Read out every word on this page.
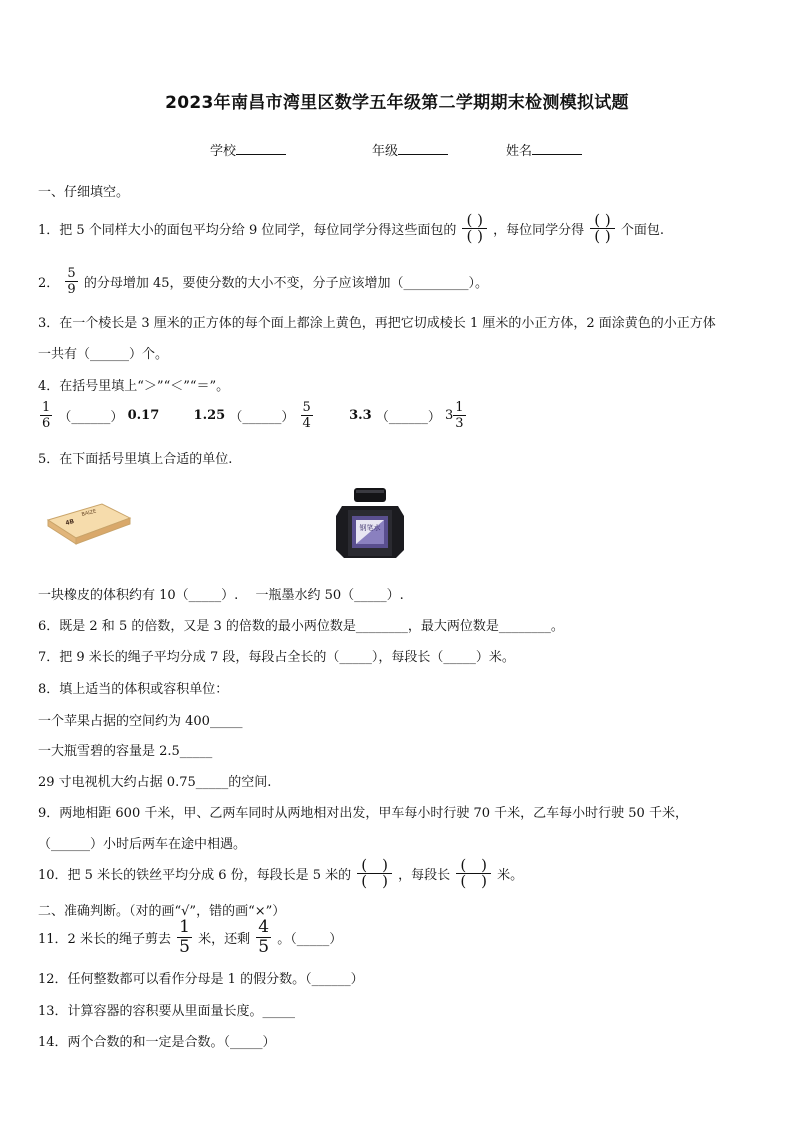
2023年南昌市湾里区数学五年级第二学期期末检测模拟试题
学校	年级	姓名
一、仔细填空。
1．把 5 个同样大小的面包平均分给 9 位同学，每位同学分得这些面包的 $\frac{( )}{( )}$ ，每位同学分得 $\frac{( )}{( )}$ 个面包.
2． $\frac{5}{9}$ 的分母增加 45，要使分数的大小不变，分子应该增加（__________）。
3．在一个棱长是 3 厘米的正方体的每个面上都涂上黄色，再把它切成棱长 1 厘米的小正方体，2 面涂黄色的小正方体
一共有（______）个。
4．在括号里填上“＞”“＜”“＝”。
$\frac{1}{6}$ （______） 0.17	1.25 （______） $\frac{5}{4}$	3.3 （______） $3 \frac{1}{3}$
5．在下面括号里填上合适的单位.
BAIZE
4B
钢笔水
一块橡皮的体积约有 10（_____）.　 一瓶墨水约 50（_____）.
6．既是 2 和 5 的倍数，又是 3 的倍数的最小两位数是________，最大两位数是________。
7．把 9 米长的绳子平均分成 7 段，每段占全长的（_____），每段长（_____）米。
8．填上适当的体积或容积单位：
一个苹果占据的空间约为 400_____
一大瓶雪碧的容量是 2.5_____
29 寸电视机大约占据 0.75_____的空间.
9．两地相距 600 千米，甲、乙两车同时从两地相对出发，甲车每小时行驶 70 千米，乙车每小时行驶 50 千米，
（______）小时后两车在途中相遇。
10．把 5 米长的铁丝平均分成 6 份，每段长是 5 米的 $\frac{( )}{( )}$ ，每段长 $\frac{( )}{( )}$ 米。
二、准确判断。（对的画“√”，错的画“×”）
11．2 米长的绳子剪去 $\frac{1}{5}$ 米，还剩 $\frac{4}{5}$ 。（_____）
12．任何整数都可以看作分母是 1 的假分数。（______）
13．计算容器的容积要从里面量长度。_____
14．两个合数的和一定是合数。（_____）
